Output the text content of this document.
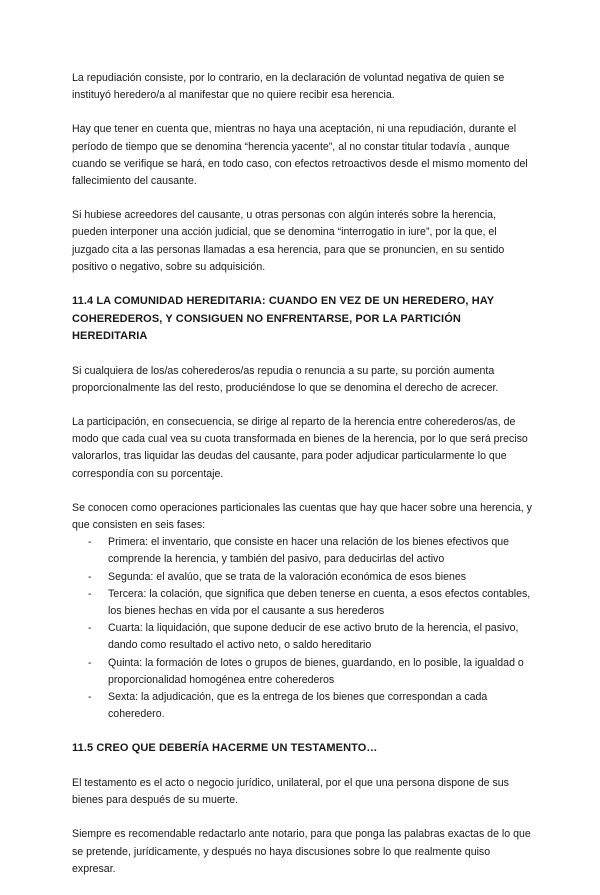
La repudiación consiste, por lo contrario, en la declaración de voluntad negativa de quien se instituyó heredero/a al manifestar que no quiere recibir esa herencia.

Hay que tener en cuenta que, mientras no haya una aceptación, ni una repudiación, durante el período de tiempo que se denomina “herencia yacente”, al no constar titular todavía , aunque cuando se verifique se hará, en todo caso, con efectos retroactivos desde el mismo momento del fallecimiento del causante.

Si hubiese acreedores del causante, u otras personas con algún interés sobre la herencia, pueden interponer una acción judicial, que se denomina “interrogatio in iure”, por la que, el juzgado cita a las personas llamadas a esa herencia, para que se pronuncien, en su sentido positivo o negativo, sobre su adquisición.

11.4 LA COMUNIDAD HEREDITARIA: CUANDO EN VEZ DE UN HEREDERO, HAY COHEREDEROS, Y CONSIGUEN NO ENFRENTARSE, POR LA PARTICIÓN HEREDITARIA

Si cualquiera de los/as coherederos/as repudia o renuncia a su parte, su porción aumenta proporcionalmente las del resto, produciéndose lo que se denomina el derecho de acrecer.

La participación, en consecuencia, se dirige al reparto de la herencia entre coherederos/as, de modo que cada cual vea su cuota transformada en bienes de la herencia, por lo que será preciso valorarlos, tras liquidar las deudas del causante, para poder adjudicar particularmente lo que correspondía con su porcentaje.

Se conocen como operaciones particionales las cuentas que hay que hacer sobre una herencia, y que consisten en seis fases:

- Primera: el inventario, que consiste en hacer una relación de los bienes efectivos que comprende la herencia, y también del pasivo, para deducirlas del activo
- Segunda: el avalúo, que se trata de la valoración económica de esos bienes
- Tercera: la colación, que significa que deben tenerse en cuenta, a esos efectos contables, los bienes hechas en vida por el causante a sus herederos
- Cuarta: la liquidación, que supone deducir de ese activo bruto de la herencia, el pasivo, dando como resultado el activo neto, o saldo hereditario
- Quinta: la formación de lotes o grupos de bienes, guardando, en lo posible, la igualdad o proporcionalidad homogénea entre coherederos
- Sexta: la adjudicación, que es la entrega de los bienes que correspondan a cada coheredero.
11.5 CREO QUE DEBERÍA HACERME UN TESTAMENTO…

El testamento es el acto o negocio jurídico, unilateral, por el que una persona dispone de sus bienes para después de su muerte.

Siempre es recomendable redactarlo ante notario, para que ponga las palabras exactas de lo que se pretende, jurídicamente, y después no haya discusiones sobre lo que realmente quiso expresar.
